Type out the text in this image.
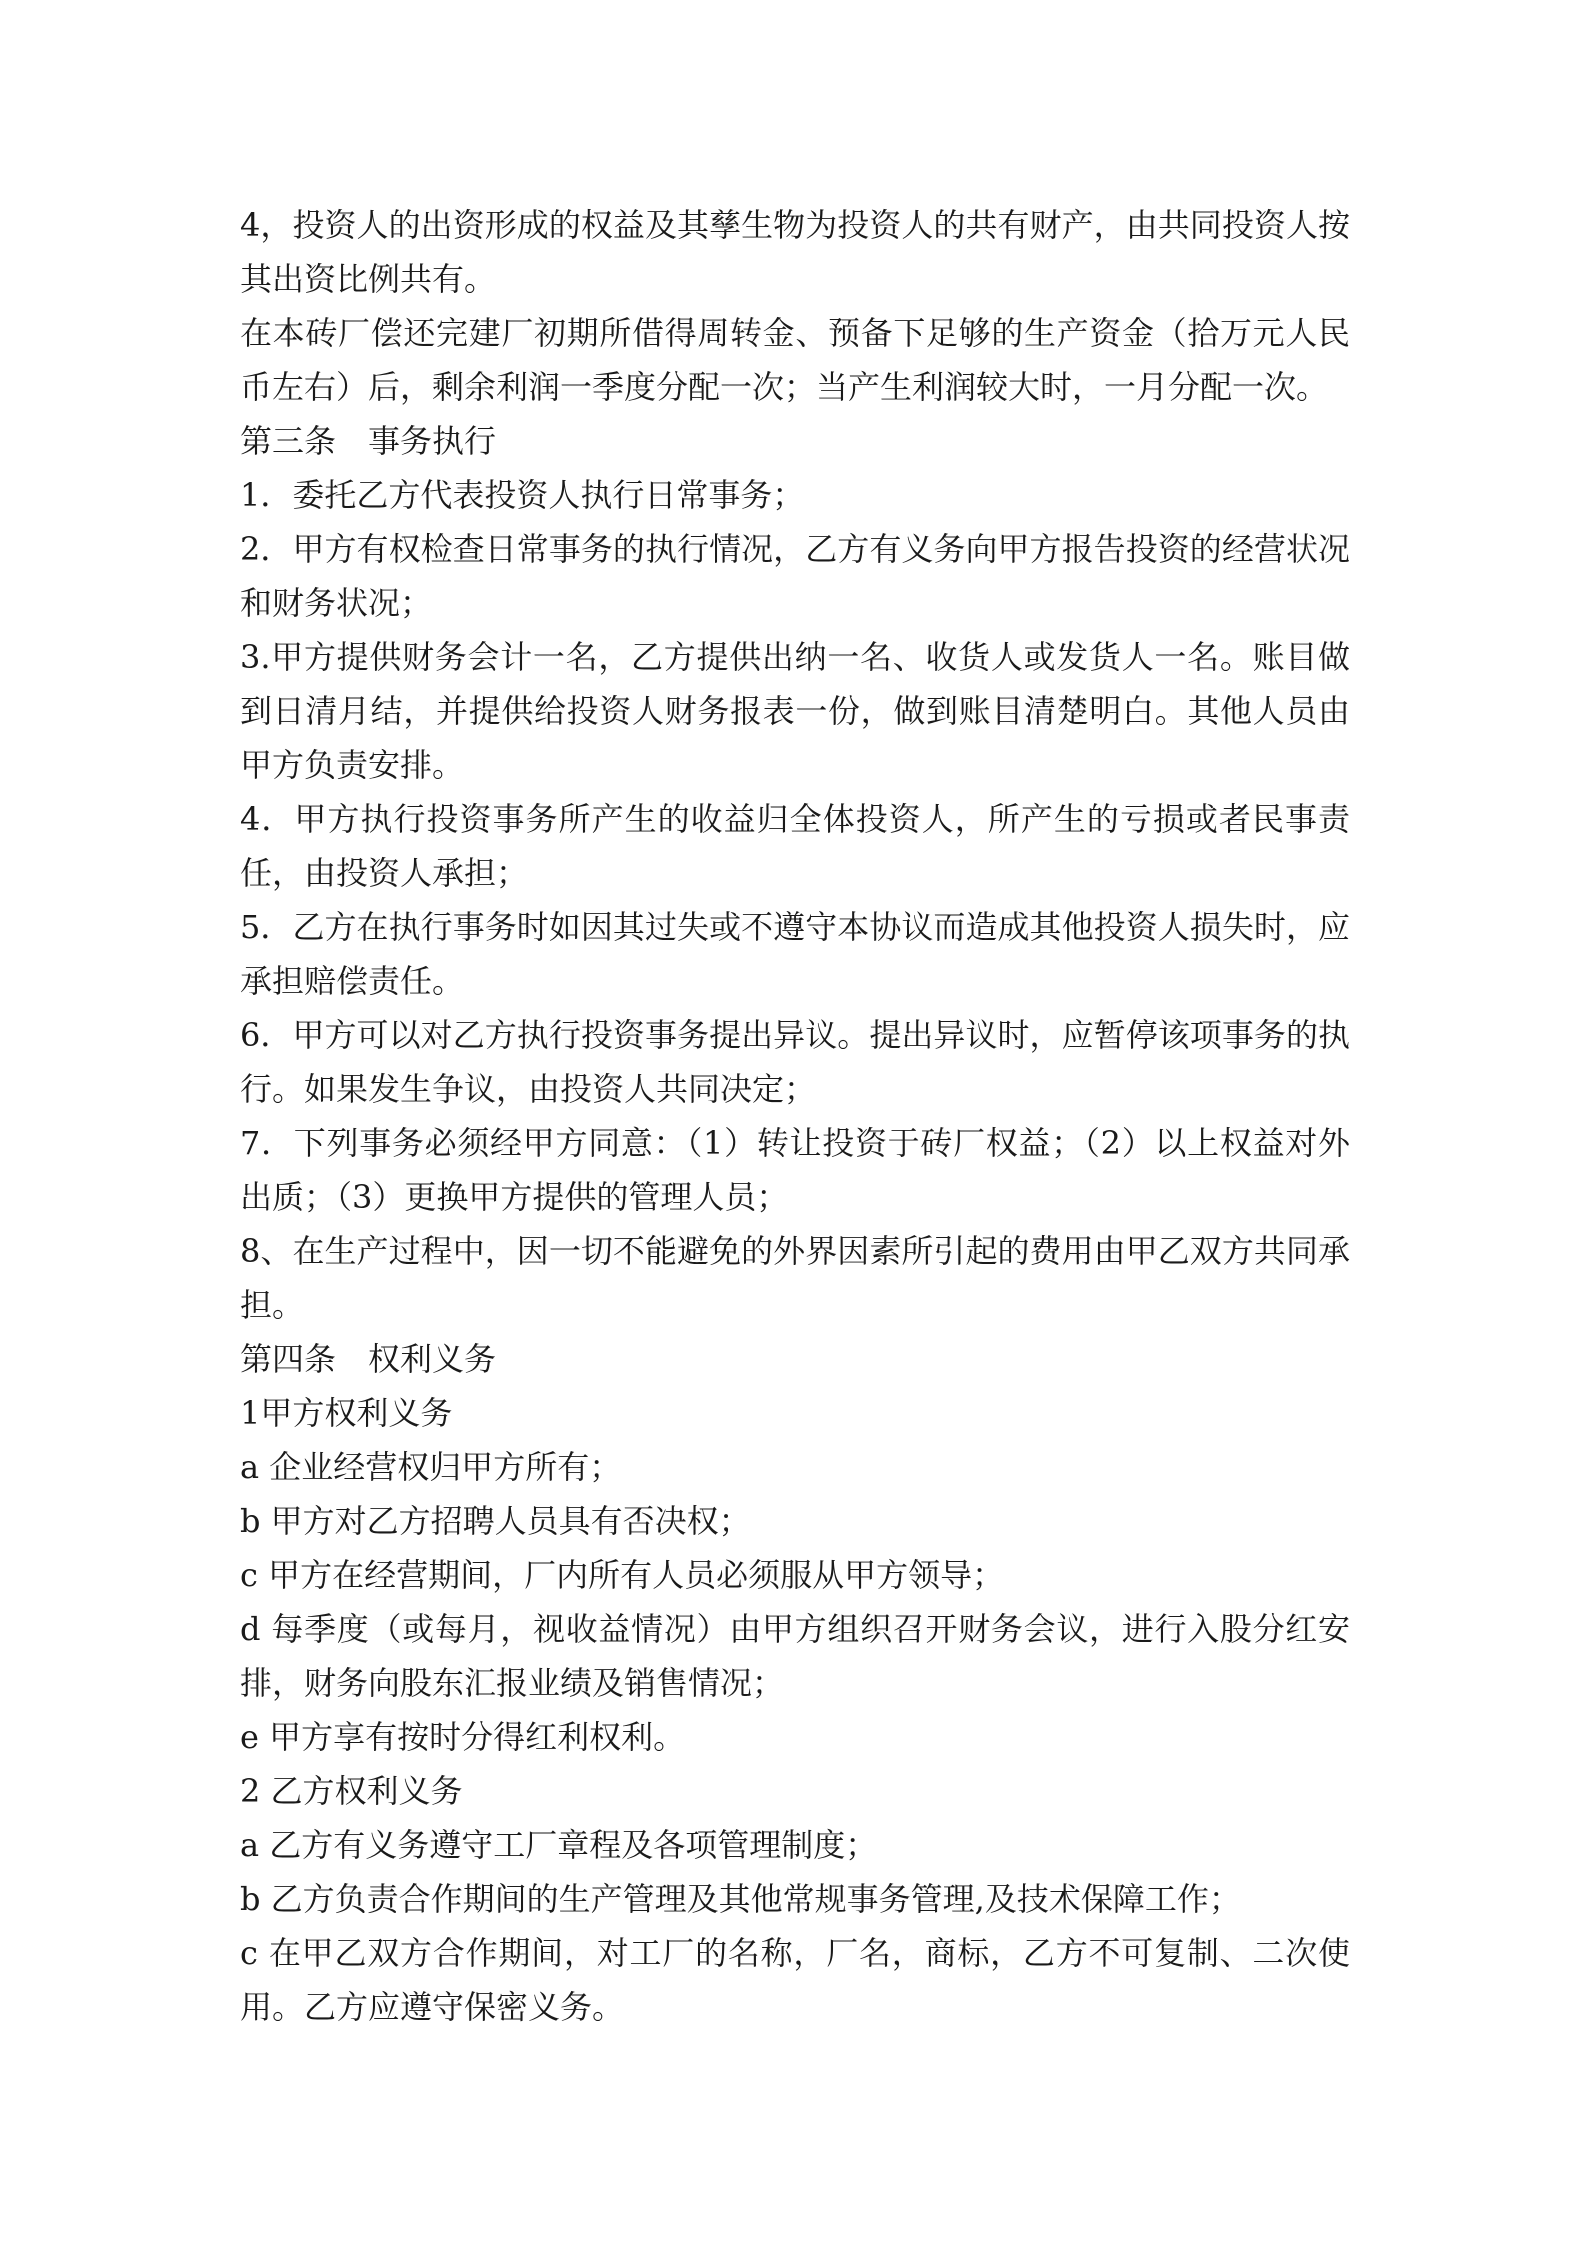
4，投资人的出资形成的权益及其孳生物为投资人的共有财产，由共同投资人按其出资比例共有。

在本砖厂偿还完建厂初期所借得周转金、预备下足够的生产资金（拾万元人民币左右）后，剩余利润一季度分配一次；当产生利润较大时，一月分配一次。

第三条　事务执行

1．委托乙方代表投资人执行日常事务；

2．甲方有权检查日常事务的执行情况，乙方有义务向甲方报告投资的经营状况和财务状况；

3.甲方提供财务会计一名，乙方提供出纳一名、收货人或发货人一名。账目做到日清月结，并提供给投资人财务报表一份，做到账目清楚明白。其他人员由甲方负责安排。

4．甲方执行投资事务所产生的收益归全体投资人，所产生的亏损或者民事责任，由投资人承担；

5．乙方在执行事务时如因其过失或不遵守本协议而造成其他投资人损失时，应承担赔偿责任。

6．甲方可以对乙方执行投资事务提出异议。提出异议时，应暂停该项事务的执行。如果发生争议，由投资人共同决定；

7．下列事务必须经甲方同意：（1）转让投资于砖厂权益；（2）以上权益对外出质；（3）更换甲方提供的管理人员；

8、在生产过程中，因一切不能避免的外界因素所引起的费用由甲乙双方共同承担。

第四条　权利义务

1甲方权利义务

a 企业经营权归甲方所有；

b 甲方对乙方招聘人员具有否决权；

c 甲方在经营期间，厂内所有人员必须服从甲方领导；

d 每季度（或每月，视收益情况）由甲方组织召开财务会议，进行入股分红安排，财务向股东汇报业绩及销售情况；

e 甲方享有按时分得红利权利。

2 乙方权利义务

a 乙方有义务遵守工厂章程及各项管理制度；

b 乙方负责合作期间的生产管理及其他常规事务管理,及技术保障工作；

c 在甲乙双方合作期间，对工厂的名称，厂名，商标，乙方不可复制、二次使用。乙方应遵守保密义务。
